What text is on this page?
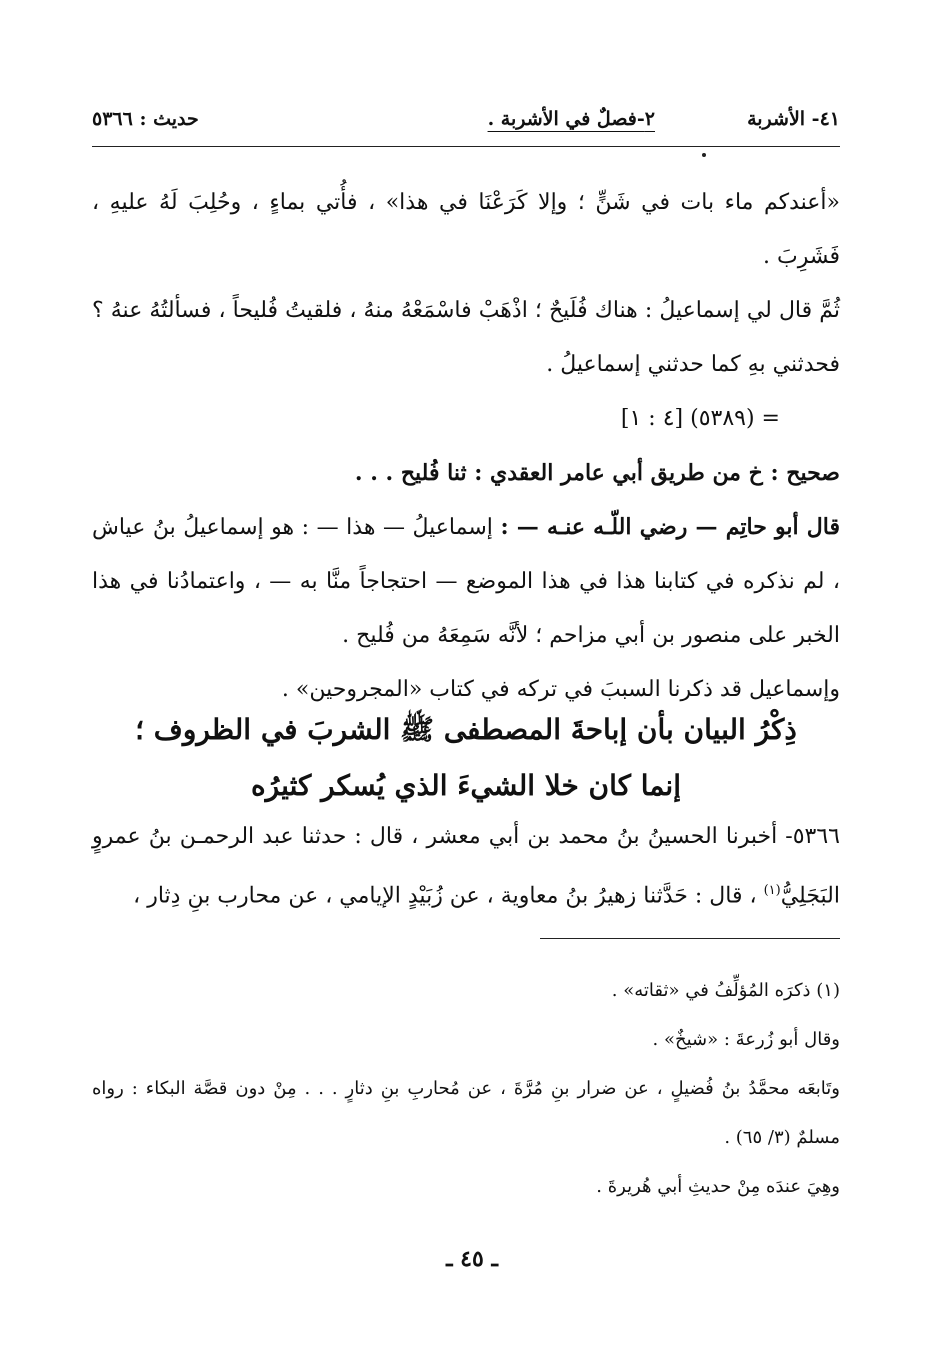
٤١- الأشربة
٢-فصلٌ في الأشربة .
حديث : ٥٣٦٦

«أعندكم ماء بات في شَنٍّ ؛ وإلا كَرَعْنَا في هذا» ، فأُتي بماءٍ ، وحُلِبَ لَهُ عليهِ ، فَشَرِبَ .

ثُمَّ قال لي إسماعيلُ : هناك فُلَيحٌ ؛ اذْهَبْ فاسْمَعْهُ منهُ ، فلقيتُ فُليحاً ، فسألتُهُ عنهُ ؟ فحدثني بهِ كما حدثني إسماعيلُ .

= (٥٣٨٩) [٤ : ١]

صحيح : خ من طريق أبي عامر العقدي : ثنا فُليح . . .

قال أبو حاتِم — رضي اللّـه عنـه — : إسماعيلُ — هذا — : هو إسماعيلُ بنُ عياش ، لم نذكره في كتابنا هذا في هذا الموضع — احتجاجاً منَّا به — ، واعتمادُنا في هذا الخبر على منصور بن أبي مزاحم ؛ لأنَّه سَمِعَهُ من فُليح .

وإسماعيل قد ذكرنا السببَ في تركه في كتاب «المجروحين» .

ذِكْرُ البيان بأن إباحةَ المصطفى ﷺ الشربَ في الظروف ؛
إنما كان خلا الشيءَ الذي يُسكر كثيرُه

٥٣٦٦- أخبرنا الحسينُ بنُ محمد بن أبي معشر ، قال : حدثنا عبد الرحمـن بنُ عمروٍ البَجَلِيُّ$^{(١)}$ ، قال : حَدَّثنا زهيرُ بنُ معاوية ، عن زُبَيْدٍ الإيامي ، عن محارب بنِ دِثار ،

(١) ذكرَه المُؤلِّفُ في «ثقاته» .

وقال أبو زُرعةَ : «شيخٌ» .

وتَابعَه محمَّدُ بنُ فُضيلٍ ، عن ضرار بنِ مُرَّةَ ، عن مُحاربِ بنِ دثارٍ . . . مِنْ دون قصَّة البكاء : رواه مسلمٌ (٣/ ٦٥) .

وهِيَ عندَه مِنْ حديثِ أبي هُريرةَ .

ـ ٤٥ ـ
